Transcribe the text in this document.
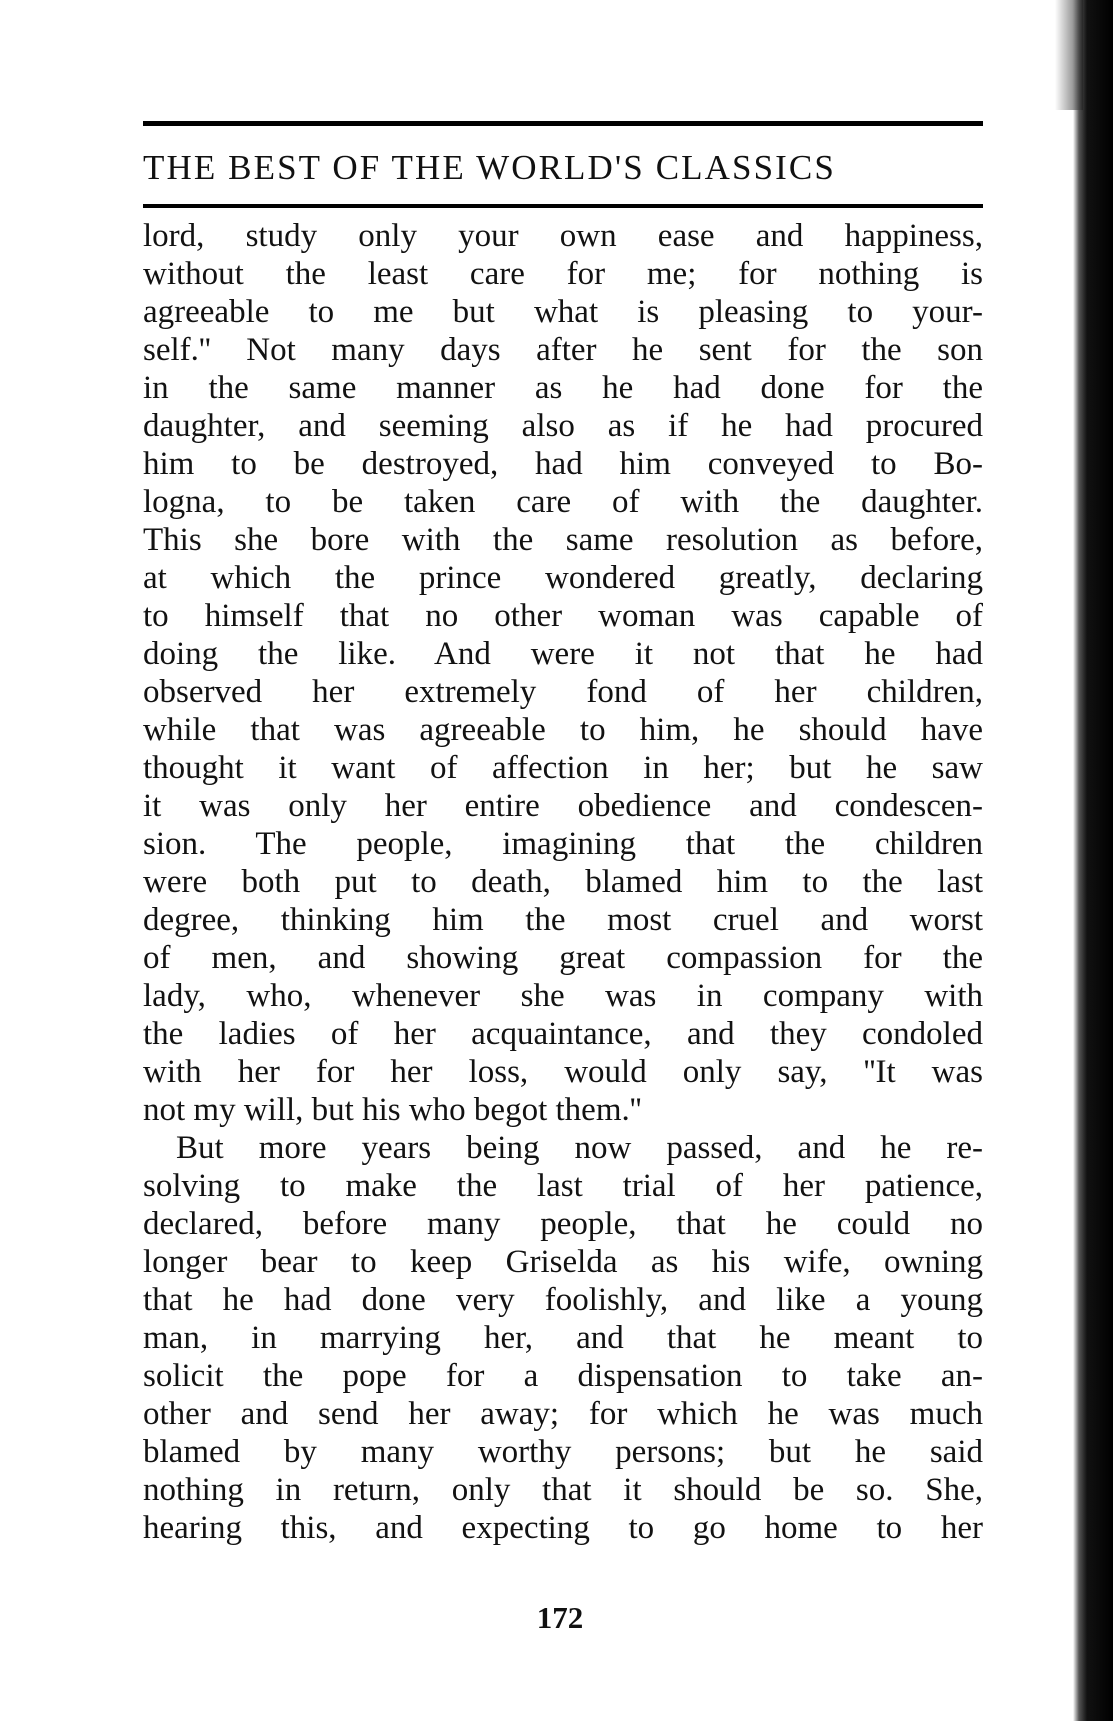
THE BEST OF THE WORLD'S CLASSICS
lord, study only your own ease and happiness,
without the least care for me; for nothing is
agreeable to me but what is pleasing to your-
self.'' Not many days after he sent for the son
in the same manner as he had done for the
daughter, and seeming also as if he had procured
him to be destroyed, had him conveyed to Bo-
logna, to be taken care of with the daughter.
This she bore with the same resolution as before,
at which the prince wondered greatly, declaring
to himself that no other woman was capable of
doing the like. And were it not that he had
observed her extremely fond of her children,
while that was agreeable to him, he should have
thought it want of affection in her; but he saw
it was only her entire obedience and condescen-
sion. The people, imagining that the children
were both put to death, blamed him to the last
degree, thinking him the most cruel and worst
of men, and showing great compassion for the
lady, who, whenever she was in company with
the ladies of her acquaintance, and they condoled
with her for her loss, would only say, ''It was
not my will, but his who begot them.''
But more years being now passed, and he re-
solving to make the last trial of her patience,
declared, before many people, that he could no
longer bear to keep Griselda as his wife, owning
that he had done very foolishly, and like a young
man, in marrying her, and that he meant to
solicit the pope for a dispensation to take an-
other and send her away; for which he was much
blamed by many worthy persons; but he said
nothing in return, only that it should be so. She,
hearing this, and expecting to go home to her
172
